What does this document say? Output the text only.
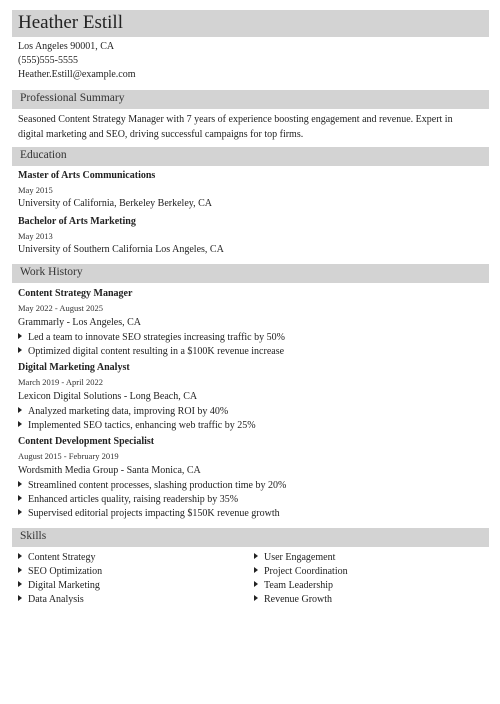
Heather Estill
Los Angeles 90001, CA
(555)555-5555
Heather.Estill@example.com
Professional Summary
Seasoned Content Strategy Manager with 7 years of experience boosting engagement and revenue. Expert in digital marketing and SEO, driving successful campaigns for top firms.
Education
Master of Arts Communications
May 2015
University of California, Berkeley Berkeley, CA
Bachelor of Arts Marketing
May 2013
University of Southern California Los Angeles, CA
Work History
Content Strategy Manager
May 2022 - August 2025
Grammarly - Los Angeles, CA
Led a team to innovate SEO strategies increasing traffic by 50%
Optimized digital content resulting in a $100K revenue increase
Digital Marketing Analyst
March 2019 - April 2022
Lexicon Digital Solutions - Long Beach, CA
Analyzed marketing data, improving ROI by 40%
Implemented SEO tactics, enhancing web traffic by 25%
Content Development Specialist
August 2015 - February 2019
Wordsmith Media Group - Santa Monica, CA
Streamlined content processes, slashing production time by 20%
Enhanced articles quality, raising readership by 35%
Supervised editorial projects impacting $150K revenue growth
Skills
Content Strategy
SEO Optimization
Digital Marketing
Data Analysis
User Engagement
Project Coordination
Team Leadership
Revenue Growth
